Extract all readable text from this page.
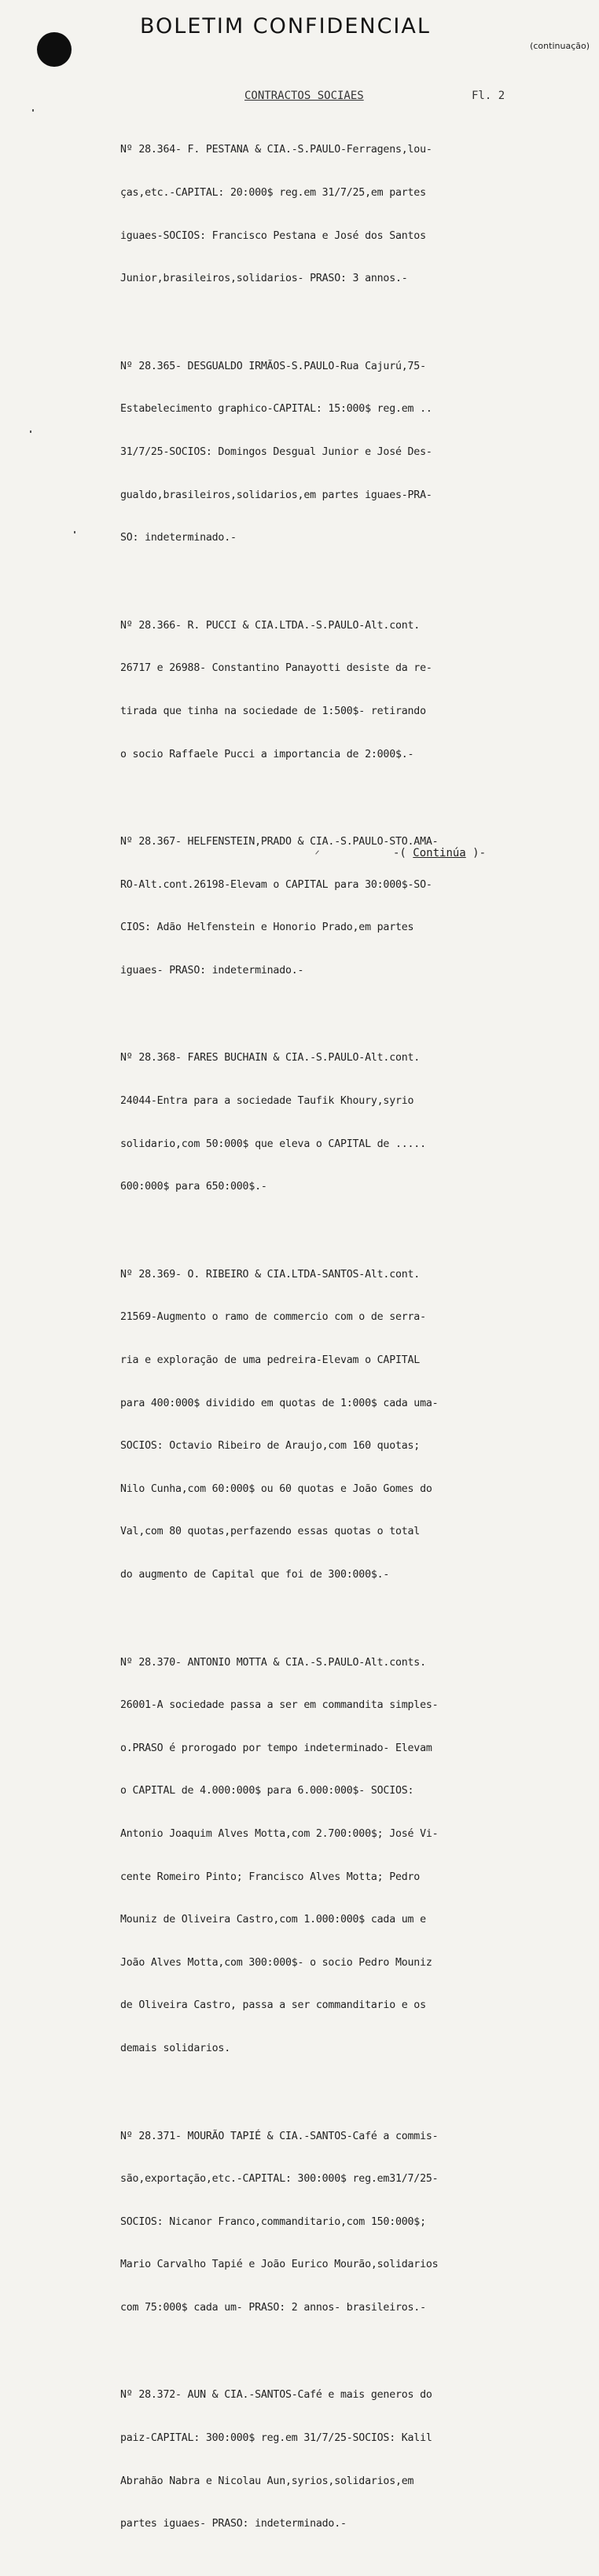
BOLETIM CONFIDENCIAL
(continuação)
CONTRACTOS SOCIAES	Fl. 2

Nº 28.364- F. PESTANA & CIA.-S.PAULO-Ferragens,lou-

ças,etc.-CAPITAL: 20:000$ reg.em 31/7/25,em partes

iguaes-SOCIOS: Francisco Pestana e José dos Santos

Junior,brasileiros,solidarios- PRASO: 3 annos.-

Nº 28.365- DESGUALDO IRMÃOS-S.PAULO-Rua Cajurú,75-

Estabelecimento graphico-CAPITAL: 15:000$ reg.em ..

31/7/25-SOCIOS: Domingos Desgual Junior e José Des-

gualdo,brasileiros,solidarios,em partes iguaes-PRA-

SO: indeterminado.-

Nº 28.366- R. PUCCI & CIA.LTDA.-S.PAULO-Alt.cont.

26717 e 26988- Constantino Panayotti desiste da re-

tirada que tinha na sociedade de 1:500$- retirando

o socio Raffaele Pucci a importancia de 2:000$.-

Nº 28.367- HELFENSTEIN,PRADO & CIA.-S.PAULO-STO.AMA-

RO-Alt.cont.26198-Elevam o CAPITAL para 30:000$-SO-

CIOS: Adão Helfenstein e Honorio Prado,em partes

iguaes- PRASO: indeterminado.-

Nº 28.368- FARES BUCHAIN & CIA.-S.PAULO-Alt.cont.

24044-Entra para a sociedade Taufik Khoury,syrio

solidario,com 50:000$ que eleva o CAPITAL de .....

600:000$ para 650:000$.-

Nº 28.369- O. RIBEIRO & CIA.LTDA-SANTOS-Alt.cont.

21569-Augmento o ramo de commercio com o de serra-

ria e exploração de uma pedreira-Elevam o CAPITAL

para 400:000$ dividido em quotas de 1:000$ cada uma-

SOCIOS: Octavio Ribeiro de Araujo,com 160 quotas;

Nilo Cunha,com 60:000$ ou 60 quotas e João Gomes do

Val,com 80 quotas,perfazendo essas quotas o total

do augmento de Capital que foi de 300:000$.-

Nº 28.370- ANTONIO MOTTA & CIA.-S.PAULO-Alt.conts.

26001-A sociedade passa a ser em commandita simples-

o.PRASO é prorogado por tempo indeterminado- Elevam

o CAPITAL de 4.000:000$ para 6.000:000$- SOCIOS:

Antonio Joaquim Alves Motta,com 2.700:000$; José Vi-

cente Romeiro Pinto; Francisco Alves Motta; Pedro

Mouniz de Oliveira Castro,com 1.000:000$ cada um e

João Alves Motta,com 300:000$- o socio Pedro Mouniz

de Oliveira Castro, passa a ser commanditario e os

demais solidarios.

Nº 28.371- MOURÃO TAPIÉ & CIA.-SANTOS-Café a commis-

são,exportação,etc.-CAPITAL: 300:000$ reg.em31/7/25-

SOCIOS: Nicanor Franco,commanditario,com 150:000$;

Mario Carvalho Tapié e João Eurico Mourão,solidarios

com 75:000$ cada um- PRASO: 2 annos- brasileiros.-

Nº 28.372- AUN & CIA.-SANTOS-Café e mais generos do

paiz-CAPITAL: 300:000$ reg.em 31/7/25-SOCIOS: Kalil

Abrahão Nabra e Nicolau Aun,syrios,solidarios,em

partes iguaes- PRASO: indeterminado.-

-( Continúa )-
